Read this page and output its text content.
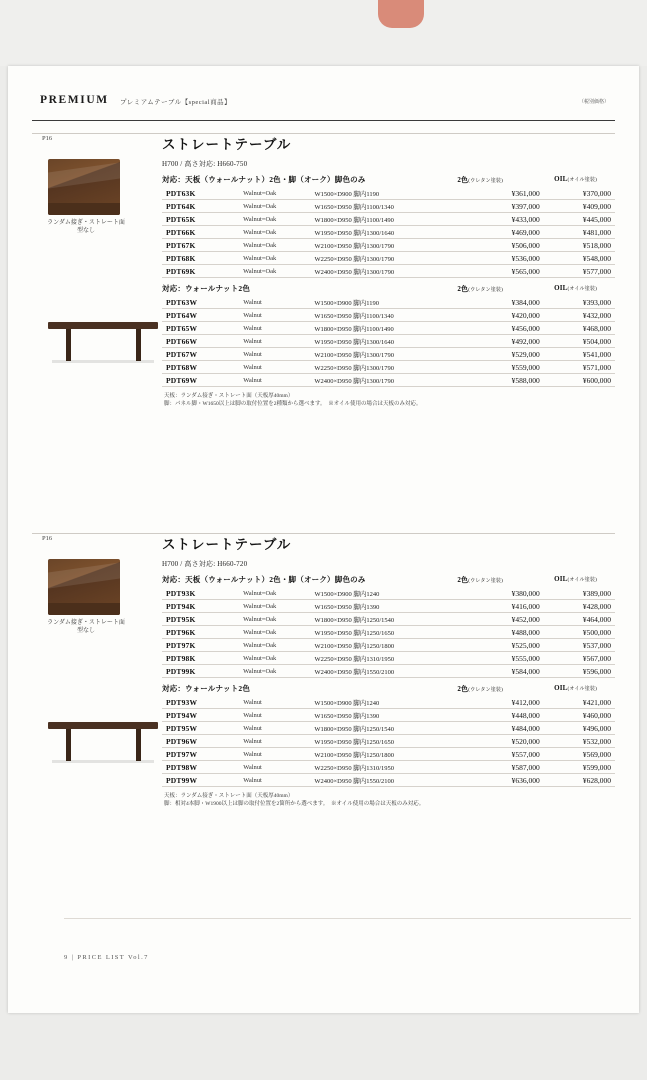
PREMIUM プレミアムテーブル【special商品】	（税別価格）
P16
ランダム接ぎ・ストレート面
型なし
ストレートテーブル
H700 / 高さ対応: H660-750
対応：天板（ウォールナット）2色・脚（オーク）脚色のみ	2色(ウレタン塗装)	OIL(オイル塗装)
PDT63K	Walnut=Oak	W1500×D900 脚内1190	¥361,000	¥370,000
PDT64K	Walnut=Oak	W1650×D950 脚内1100/1340	¥397,000	¥409,000
PDT65K	Walnut=Oak	W1800×D950 脚内1100/1490	¥433,000	¥445,000
PDT66K	Walnut=Oak	W1950×D950 脚内1300/1640	¥469,000	¥481,000
PDT67K	Walnut=Oak	W2100×D950 脚内1300/1790	¥506,000	¥518,000
PDT68K	Walnut=Oak	W2250×D950 脚内1300/1790	¥536,000	¥548,000
PDT69K	Walnut=Oak	W2400×D950 脚内1300/1790	¥565,000	¥577,000
対応：ウォールナット2色	2色(ウレタン塗装)	OIL(オイル塗装)
PDT63W	Walnut	W1500×D900 脚内1190	¥384,000	¥393,000
PDT64W	Walnut	W1650×D950 脚内1100/1340	¥420,000	¥432,000
PDT65W	Walnut	W1800×D950 脚内1100/1490	¥456,000	¥468,000
PDT66W	Walnut	W1950×D950 脚内1300/1640	¥492,000	¥504,000
PDT67W	Walnut	W2100×D950 脚内1300/1790	¥529,000	¥541,000
PDT68W	Walnut	W2250×D950 脚内1300/1790	¥559,000	¥571,000
PDT69W	Walnut	W2400×D950 脚内1300/1790	¥588,000	¥600,000
天板：ランダム接ぎ・ストレート面（天板厚40mm）
脚：パネル脚・W1650以上は脚の取付位置を2種類から選べます。　※オイル使用の場合は天板のみ対応。
P16
ランダム接ぎ・ストレート面
型なし
ストレートテーブル
H700 / 高さ対応: H660-720
対応：天板（ウォールナット）2色・脚（オーク）脚色のみ	2色(ウレタン塗装)	OIL(オイル塗装)
PDT93K	Walnut=Oak	W1500×D900 脚内1240	¥380,000	¥389,000
PDT94K	Walnut=Oak	W1650×D950 脚内1390	¥416,000	¥428,000
PDT95K	Walnut=Oak	W1800×D950 脚内1250/1540	¥452,000	¥464,000
PDT96K	Walnut=Oak	W1950×D950 脚内1250/1650	¥488,000	¥500,000
PDT97K	Walnut=Oak	W2100×D950 脚内1250/1800	¥525,000	¥537,000
PDT98K	Walnut=Oak	W2250×D950 脚内1310/1950	¥555,000	¥567,000
PDT99K	Walnut=Oak	W2400×D950 脚内1550/2100	¥584,000	¥596,000
対応：ウォールナット2色	2色(ウレタン塗装)	OIL(オイル塗装)
PDT93W	Walnut	W1500×D900 脚内1240	¥412,000	¥421,000
PDT94W	Walnut	W1650×D950 脚内1390	¥448,000	¥460,000
PDT95W	Walnut	W1800×D950 脚内1250/1540	¥484,000	¥496,000
PDT96W	Walnut	W1950×D950 脚内1250/1650	¥520,000	¥532,000
PDT97W	Walnut	W2100×D950 脚内1250/1800	¥557,000	¥569,000
PDT98W	Walnut	W2250×D950 脚内1310/1950	¥587,000	¥599,000
PDT99W	Walnut	W2400×D950 脚内1550/2100	¥636,000	¥628,000
天板：ランダム接ぎ・ストレート面（天板厚40mm）
脚：相対4本脚・W1900以上は脚の取付位置を2箇所から選べます。　※オイル使用の場合は天板のみ対応。
9 | PRICE LIST Vol.7
